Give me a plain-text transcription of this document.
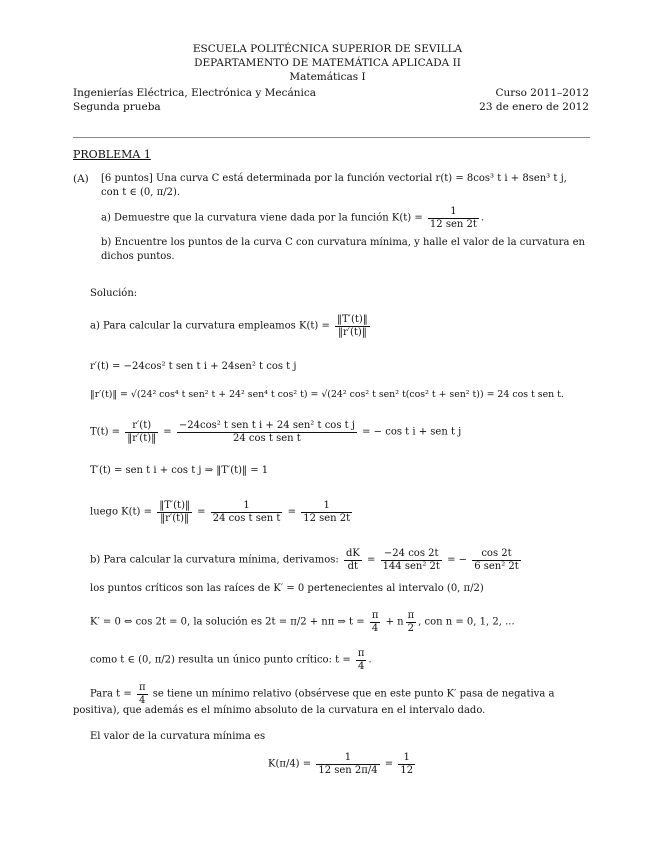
ESCUELA POLITÉCNICA SUPERIOR DE SEVILLA
DEPARTAMENTO DE MATEMÁTICA APLICADA II
Matemáticas I
Ingenierías Eléctrica, Electrónica y Mecánica
Segunda prueba
Curso 2011–2012
23 de enero de 2012
PROBLEMA 1
(A) [6 puntos] Una curva C está determinada por la función vectorial r(t) = 8cos³ t i + 8sen³ t j,
con t ∈ (0, π/2).
a) Demuestre que la curvatura viene dada por la función $K(t) = \frac{1}{\text{12 sen 2t}}$ .
b) Encuentre los puntos de la curva C con curvatura mínima, y halle el valor de la curvatura en
dichos puntos.
Solución:
a) Para calcular la curvatura empleamos $K(t) = \frac{‖T'(t)‖}{‖r'(t)‖}$
r′(t) = −24cos² t sen t i + 24sen² t cos t j
‖r′(t)‖ = √(24² cos⁴ t sen² t + 24² sen⁴ t cos² t) = √(24² cos² t sen² t(cos² t + sen² t)) = 24 cos t sen t.
$T(t) = \frac{r'(t)}{‖r'(t)‖} = \frac{\text{−24cos² t sen t i + 24 sen² t cos t j}}{\text{24 cos t sen t}}$ = − cos t i + sen t j
T′(t) = sen t i + cos t j ⇒ ‖T′(t)‖ = 1
luego $K(t) = \frac{‖T'(t)‖}{‖r'(t)‖} = \frac{1}{\text{24 cos t sen t}} = \frac{1}{\text{12 sen 2t}}$
b) Para calcular la curvatura mínima, derivamos: $\frac{dK}{dt} = \frac{-24 \cos 2t}{\text{144 sen² 2t}}$ = − $\frac{\cos 2t}{\text{6 sen² 2t}}$
los puntos críticos son las raíces de K′ = 0 pertenecientes al intervalo (0, π/2)
K′ = 0 ⇔ cos 2t = 0, la solución es 2t = π/2 + nπ ⇒ $t = \frac{\pi}{4} + n \frac{\pi}{2}$ , con n = 0, 1, 2, ...
como t ∈ (0, π/2) resulta un único punto crítico: $t = \frac{\pi}{4}$ .
Para $t = \frac{\pi}{4}$ se tiene un mínimo relativo (obsérvese que en este punto K′ pasa de negativa a
positiva), que además es el mínimo absoluto de la curvatura en el intervalo dado.
El valor de la curvatura mínima es
$K(\pi/4) = \frac{1}{\text{12 sen 2π/4}} = \frac{1}{12}$
